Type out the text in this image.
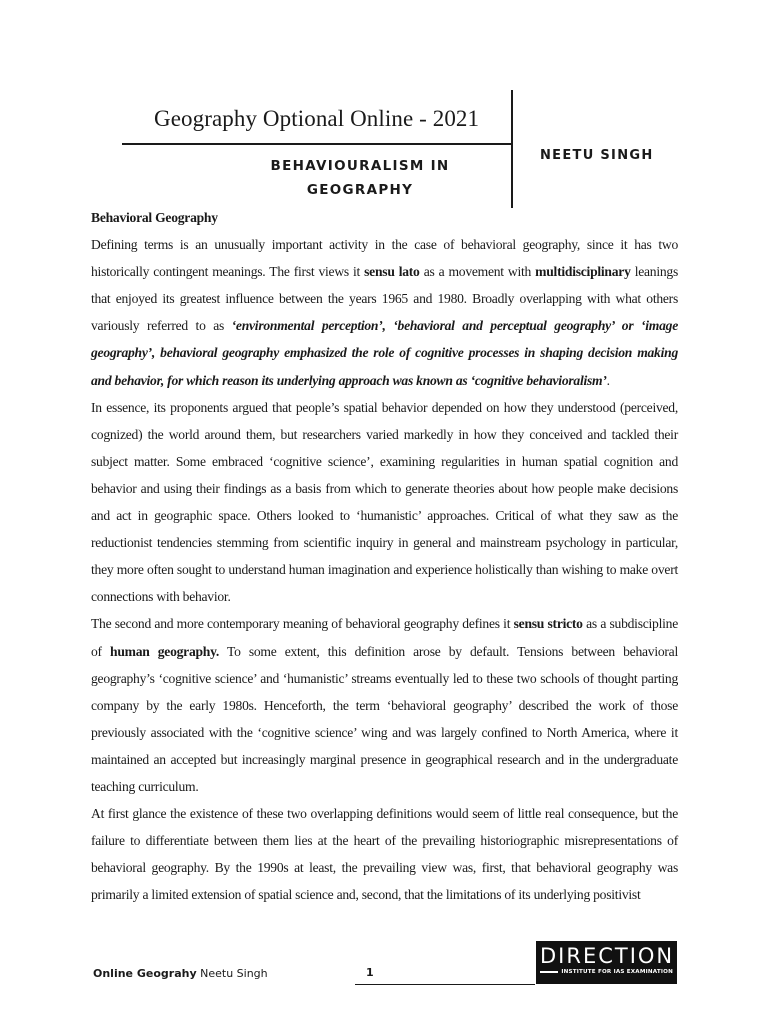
Geography Optional Online - 2021
BEHAVIOURALISM IN
GEOGRAPHY
NEETU SINGH
Behavioral Geography

Defining terms is an unusually important activity in the case of behavioral geography, since it has two historically contingent meanings. The first views it sensu lato as a movement with multidisciplinary leanings that enjoyed its greatest influence between the years 1965 and 1980. Broadly overlapping with what others variously referred to as ‘environmental perception’, ‘behavioral and perceptual geography’ or ‘image geography’, behavioral geography emphasized the role of cognitive processes in shaping decision making and behavior, for which reason its underlying approach was known as ‘cognitive behavioralism’.

In essence, its proponents argued that people’s spatial behavior depended on how they understood (perceived, cognized) the world around them, but researchers varied markedly in how they conceived and tackled their subject matter. Some embraced ‘cognitive science’, examining regularities in human spatial cognition and behavior and using their findings as a basis from which to generate theories about how people make decisions and act in geographic space. Others looked to ‘humanistic’ approaches. Critical of what they saw as the reductionist tendencies stemming from scientific inquiry in general and mainstream psychology in particular, they more often sought to understand human imagination and experience holistically than wishing to make overt connections with behavior.

The second and more contemporary meaning of behavioral geography defines it sensu stricto as a subdiscipline of human geography. To some extent, this definition arose by default. Tensions between behavioral geography’s ‘cognitive science’ and ‘humanistic’ streams eventually led to these two schools of thought parting company by the early 1980s. Henceforth, the term ‘behavioral geography’ described the work of those previously associated with the ‘cognitive science’ wing and was largely confined to North America, where it maintained an accepted but increasingly marginal presence in geographical research and in the undergraduate teaching curriculum.

At first glance the existence of these two overlapping definitions would seem of little real consequence, but the failure to differentiate between them lies at the heart of the prevailing historiographic misrepresentations of behavioral geography. By the 1990s at least, the prevailing view was, first, that behavioral geography was primarily a limited extension of spatial science and, second, that the limitations of its underlying positivist

Online Geograhy Neetu Singh	1
DIRECTION
INSTITUTE FOR IAS EXAMINATION
